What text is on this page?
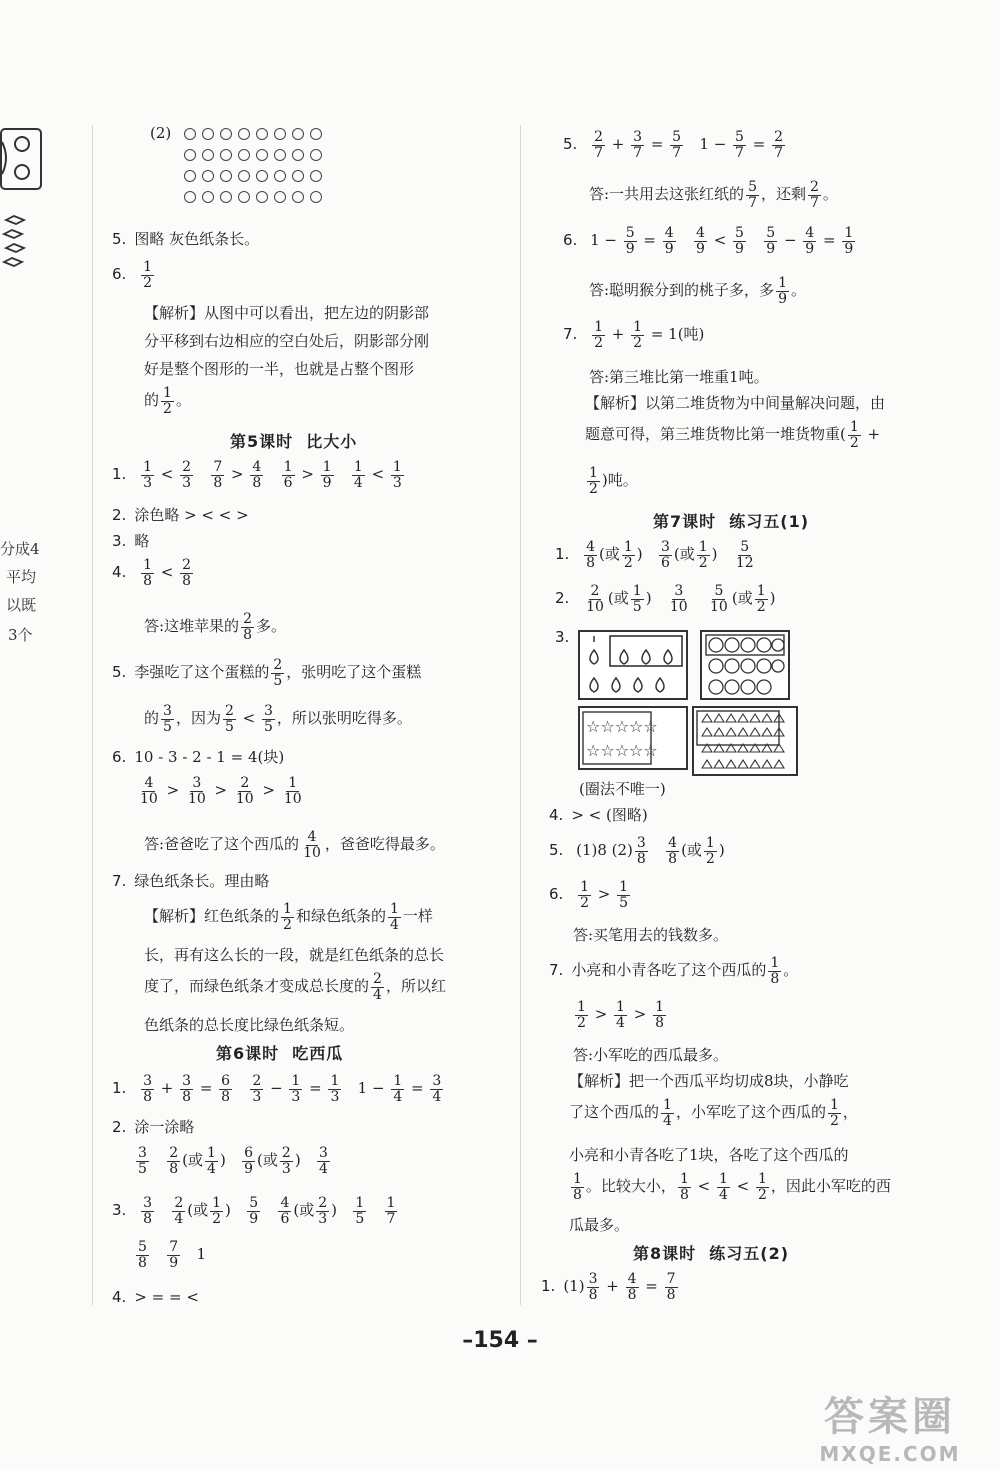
分成4
平均
以既
3个
(2)
5. 图略 灰色纸条长。
6. $\frac{1}{2}$
【解析】从图中可以看出，把左边的阴影部
分平移到右边相应的空白处后，阴影部分刚
好是整个图形的一半，也就是占整个图形
的 $\frac{1}{2}$ 。
第5课时 比大小
1. $\frac{1}{3} < \frac{2}{3}$
$\frac{7}{8} > \frac{4}{8}$
$\frac{1}{6} > \frac{1}{9}$
$\frac{1}{4} < \frac{1}{3}$
2. 涂色略 > < < >
3. 略
4. $\frac{1}{8} < \frac{2}{8}$
答:这堆苹果的 $\frac{2}{8}$ 多。
5. 李强吃了这个蛋糕的 $\frac{2}{5}$ ，张明吃了这个蛋糕
的 $\frac{3}{5}$ ，因为 $\frac{2}{5} < \frac{3}{5}$ ，所以张明吃得多。
6. 10 - 3 - 2 - 1 = 4(块)
$\frac{4}{10} > \frac{3}{10} > \frac{2}{10} > \frac{1}{10}$
答:爸爸吃了这个西瓜的 $\frac{4}{10}$ ，爸爸吃得最多。
7. 绿色纸条长。理由略
【解析】红色纸条的 $\frac{1}{2}$ 和绿色纸条的 $\frac{1}{4}$ 一样
长，再有这么长的一段，就是红色纸条的总长
度了，而绿色纸条才变成总长度的 $\frac{2}{4}$ ，所以红
色纸条的总长度比绿色纸条短。
第6课时 吃西瓜
1. $\frac{3}{8} + \frac{3}{8} = \frac{6}{8}$
$\frac{2}{3} - \frac{1}{3} = \frac{1}{3} 1 - \frac{1}{4} = \frac{3}{4}$
2. 涂一涂略
$\frac{3}{5}$
$\frac{2}{8}$ (或 $\frac{1}{4}$ ) $\frac{6}{9}$ (或 $\frac{2}{3}$ ) $\frac{3}{4}$
3. $\frac{3}{8}$
$\frac{2}{4}$ (或 $\frac{1}{2}$ ) $\frac{5}{9}$
$\frac{4}{6}$ (或 $\frac{2}{3}$ ) $\frac{1}{5}$
$\frac{1}{7}$
$\frac{5}{8}$
$\frac{7}{9} 1$
4. > = = <
5. $\frac{2}{7} + \frac{3}{7} = \frac{5}{7} 1 - \frac{5}{7} = \frac{2}{7}$
答:一共用去这张红纸的 $\frac{5}{7}$ ，还剩 $\frac{2}{7}$ 。
6. $1 - \frac{5}{9} = \frac{4}{9}$
$\frac{4}{9} < \frac{5}{9}$
$\frac{5}{9} - \frac{4}{9} = \frac{1}{9}$
答:聪明猴分到的桃子多，多 $\frac{1}{9}$ 。
7. $\frac{1}{2} + \frac{1}{2} = 1$(吨)
答:第三堆比第一堆重1吨。
【解析】以第二堆货物为中间量解决问题，由
题意可得，第三堆货物比第一堆货物重( $\frac{1}{2}$ +
$\frac{1}{2}$ )吨。
第7课时 练习五(1)
1. $\frac{4}{8}$ (或 $\frac{1}{2}$ ) $\frac{3}{6}$ (或 $\frac{1}{2}$ ) $\frac{5}{12}$
2. $\frac{2}{10}$ (或 $\frac{1}{5}$ ) $\frac{3}{10}$
$\frac{5}{10}$ (或 $\frac{1}{2}$ )
3.
(圈法不唯一)
4. > < (图略)
5. (1)8 $(2) \frac{3}{8}$
$\frac{4}{8}$ (或 $\frac{1}{2}$ )
6. $\frac{1}{2} > \frac{1}{5}$
答:买笔用去的钱数多。
7. 小亮和小青各吃了这个西瓜的 $\frac{1}{8}$ 。
$\frac{1}{2} > \frac{1}{4} > \frac{1}{8}$
答:小军吃的西瓜最多。
【解析】把一个西瓜平均切成8块，小静吃
了这个西瓜的 $\frac{1}{4}$ ，小军吃了这个西瓜的 $\frac{1}{2}$ ，
小亮和小青各吃了1块，各吃了这个西瓜的
$\frac{1}{8}$ 。比较大小， $\frac{1}{8} < \frac{1}{4} < \frac{1}{2}$ ，因此小军吃的西
瓜最多。
第8课时 练习五(2)
1. $(1) \frac{3}{8} + \frac{4}{8} = \frac{7}{8}$
☆☆☆☆☆
☆☆☆☆☆
–154 –
答案圈
MXQE.COM
